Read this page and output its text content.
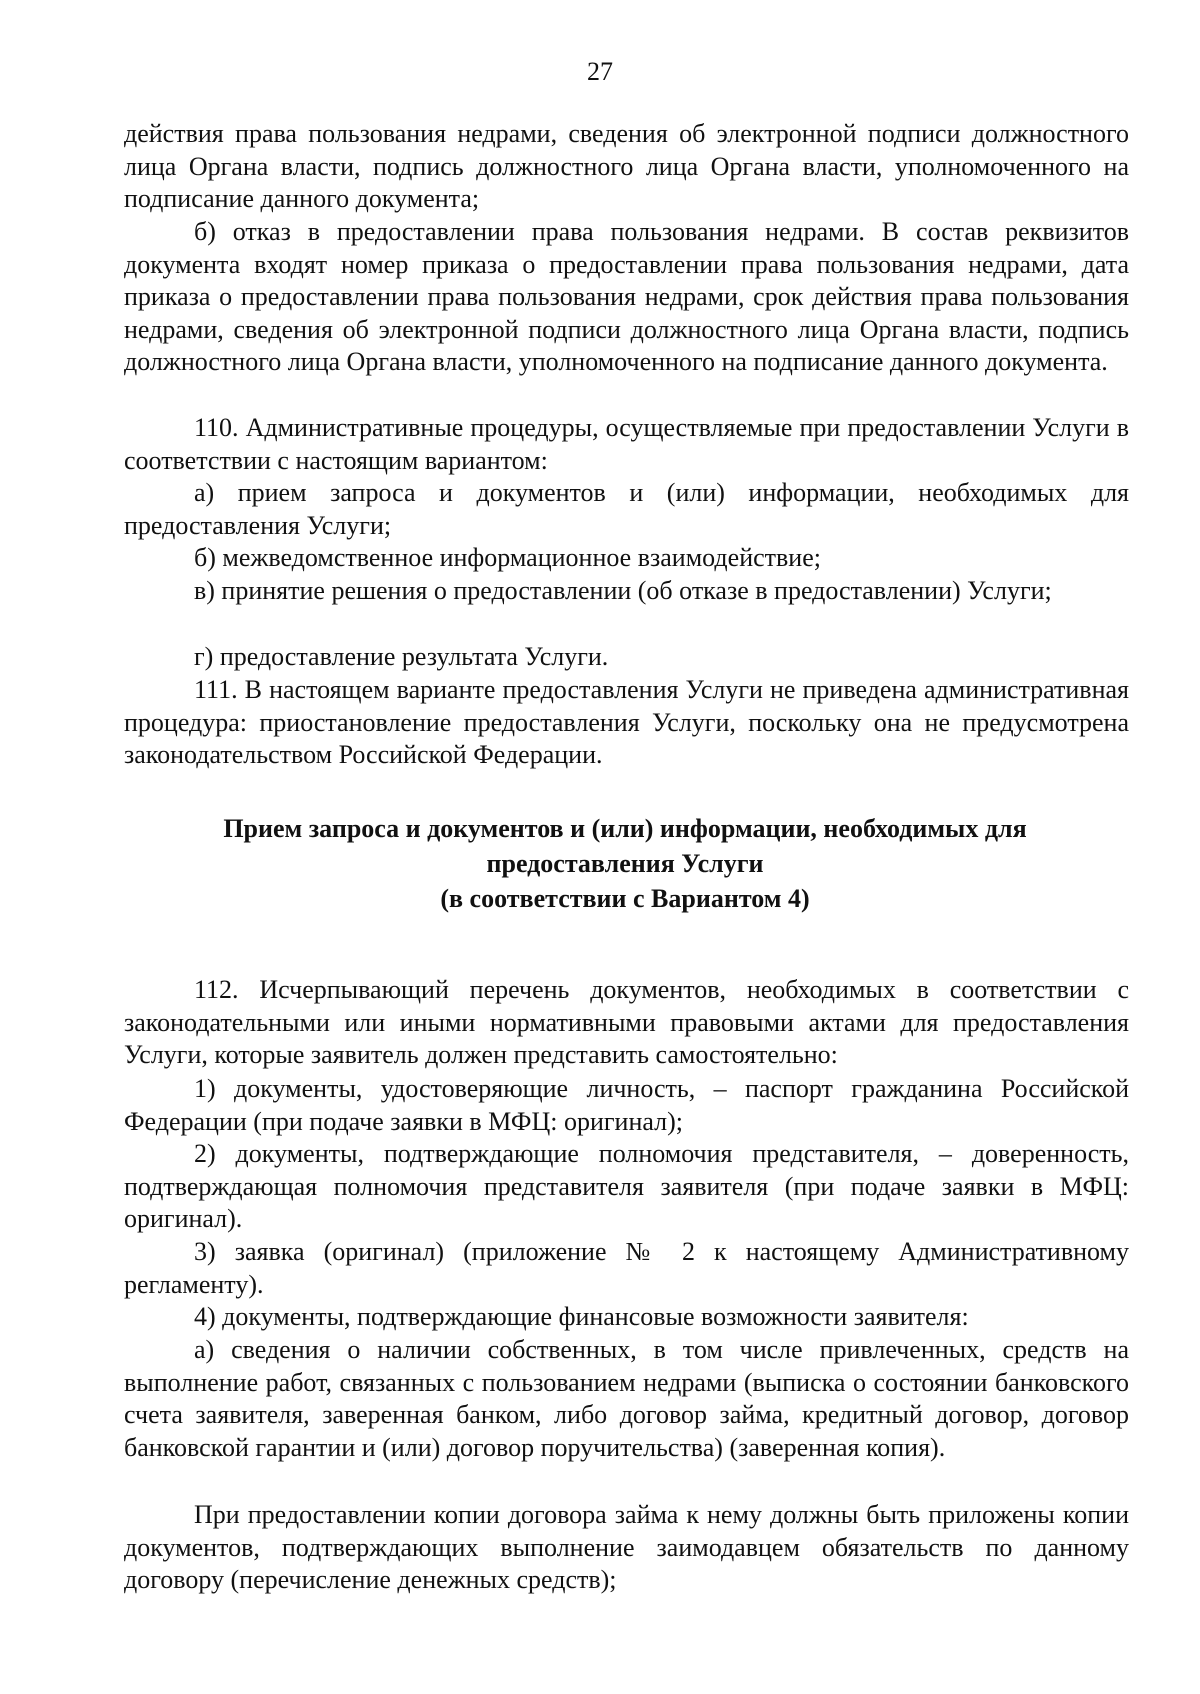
27

действия права пользования недрами, сведения об электронной подписи должностного лица Органа власти, подпись должностного лица Органа власти, уполномоченного на подписание данного документа;

б) отказ в предоставлении права пользования недрами. В состав реквизитов документа входят номер приказа о предоставлении права пользования недрами, дата приказа о предоставлении права пользования недрами, срок действия права пользования недрами, сведения об электронной подписи должностного лица Органа власти, подпись должностного лица Органа власти, уполномоченного на подписание данного документа.

110. Административные процедуры, осуществляемые при предоставлении Услуги в соответствии с настоящим вариантом:

а) прием запроса и документов и (или) информации, необходимых для предоставления Услуги;

б) межведомственное информационное взаимодействие;

в) принятие решения о предоставлении (об отказе в предоставлении) Услуги;

г) предоставление результата Услуги.

111. В настоящем варианте предоставления Услуги не приведена административная процедура: приостановление предоставления Услуги, поскольку она не предусмотрена законодательством Российской Федерации.

Прием запроса и документов и (или) информации, необходимых для
предоставления Услуги
(в соответствии с Вариантом 4)

112. Исчерпывающий перечень документов, необходимых в соответствии с законодательными или иными нормативными правовыми актами для предоставления Услуги, которые заявитель должен представить самостоятельно:

1) документы, удостоверяющие личность, – паспорт гражданина Российской Федерации (при подаче заявки в МФЦ: оригинал);

2) документы, подтверждающие полномочия представителя, – доверенность, подтверждающая полномочия представителя заявителя (при подаче заявки в МФЦ: оригинал).

3) заявка (оригинал) (приложение № 2 к настоящему Административному регламенту).

4) документы, подтверждающие финансовые возможности заявителя:

а) сведения о наличии собственных, в том числе привлеченных, средств на выполнение работ, связанных с пользованием недрами (выписка о состоянии банковского счета заявителя, заверенная банком, либо договор займа, кредитный договор, договор банковской гарантии и (или) договор поручительства) (заверенная копия).

При предоставлении копии договора займа к нему должны быть приложены копии документов, подтверждающих выполнение заимодавцем обязательств по данному договору (перечисление денежных средств);
